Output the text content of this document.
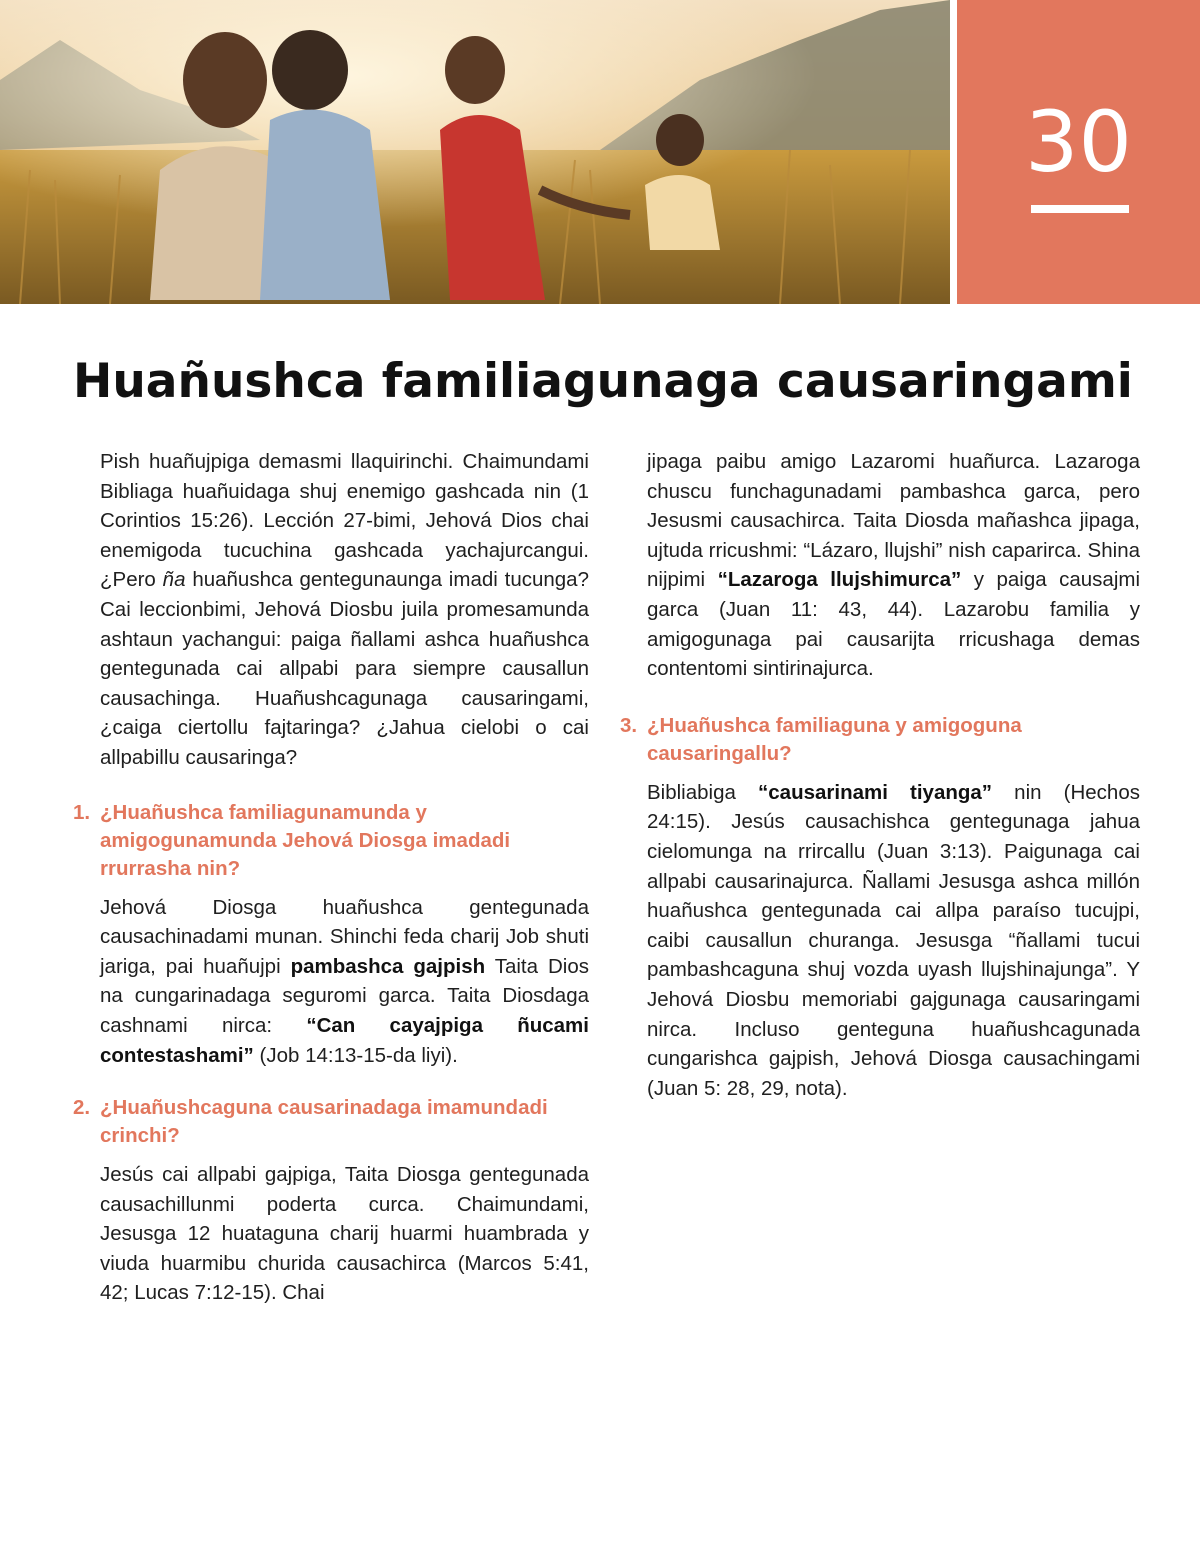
30
Huañushca familiagunaga causaringami

Pish huañujpiga demasmi llaquirinchi. Chaimundami Bibliaga huañuidaga shuj enemigo gashcada nin (1 Corintios 15:26). Lección 27-bimi, Jehová Dios chai enemigoda tucuchina gashcada yachajurcangui. ¿Pero ña huañushca gentegunaunga imadi tucunga? Cai leccionbimi, Jehová Diosbu juila promesamunda ashtaun yachangui: paiga ñallami ashca huañushca gentegunada cai allpabi para siempre causallun causachinga. Huañushcagunaga causaringami, ¿caiga ciertollu fajtaringa? ¿Jahua cielobi o cai allpabillu causaringa?

1. ¿Huañushca familiagunamunda y amigogunamunda Jehová Diosga imadadi rrurrasha nin?

Jehová Diosga huañushca gentegunada causachinadami munan. Shinchi feda charij Job shuti jariga, pai huañujpi pambashca gajpish Taita Dios na cungarinadaga seguromi garca. Taita Diosdaga cashnami nirca: “Can cayajpiga ñucami contestashami” (Job 14:13-15-da liyi).

2. ¿Huañushcaguna causarinadaga imamundadi crinchi?

Jesús cai allpabi gajpiga, Taita Diosga gentegunada causachillunmi poderta curca. Chaimundami, Jesusga 12 huataguna charij huarmi huambrada y viuda huarmibu churida causachirca (Marcos 5:41, 42; Lucas 7:12-15). Chai

jipaga paibu amigo Lazaromi huañurca. Lazaroga chuscu funchagunadami pambashca garca, pero Jesusmi causachirca. Taita Diosda mañashca jipaga, ujtuda rricushmi: “Lázaro, llujshi” nish caparirca. Shina nijpimi “Lazaroga llujshimurca” y paiga causajmi garca (Juan 11: 43, 44). Lazarobu familia y amigogunaga pai causarijta rricushaga demas contentomi sintirinajurca.

3. ¿Huañushca familiaguna y amigoguna causaringallu?

Bibliabiga “causarinami tiyanga” nin (Hechos 24:15). Jesús causachishca gentegunaga jahua cielomunga na rrircallu (Juan 3:13). Paigunaga cai allpabi causarinajurca. Ñallami Jesusga ashca millón huañushca gentegunada cai allpa paraíso tucujpi, caibi causallun churanga. Jesusga “ñallami tucui pambashcaguna shuj vozda uyash llujshinajunga”. Y Jehová Diosbu memoriabi gajgunaga causaringami nirca. Incluso genteguna huañushcagunada cungarishca gajpish, Jehová Diosga causachingami (Juan 5: 28, 29, nota).
